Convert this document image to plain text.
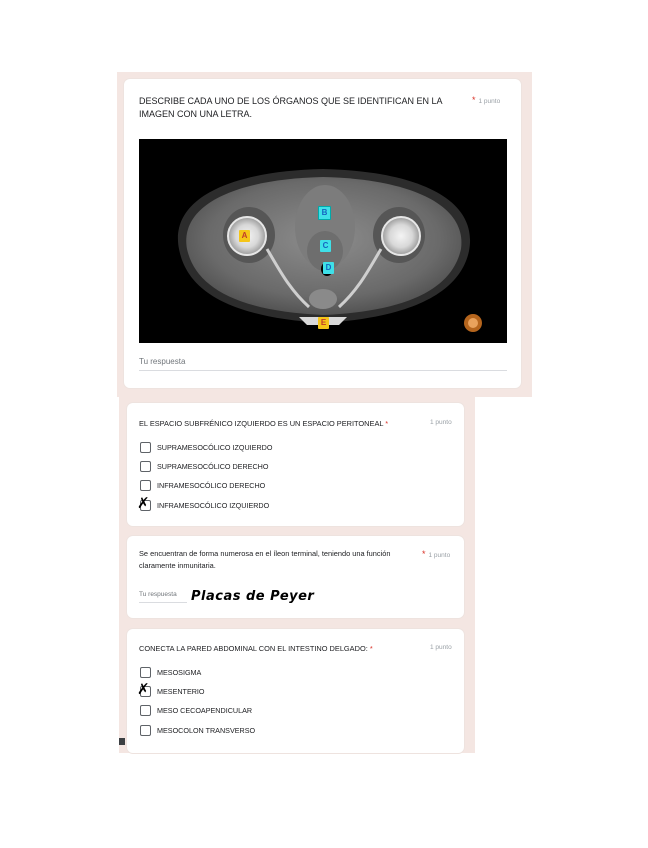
DESCRIBE CADA UNO DE LOS ÓRGANOS QUE SE IDENTIFICAN EN LA IMAGEN CON UNA LETRA.
* 1 punto
A
B
C
D
E
Tu respuesta
EL ESPACIO SUBFRÉNICO IZQUIERDO ES UN ESPACIO PERITONEAL *	1 punto
SUPRAMESOCÓLICO IZQUIERDO
SUPRAMESOCÓLICO DERECHO
INFRAMESOCÓLICO DERECHO
✗ INFRAMESOCÓLICO IZQUIERDO
Se encuentran de forma numerosa en el íleon terminal, teniendo una función claramente inmunitaria.
* 1 punto
Tu respuesta Placas de Peyer
CONECTA LA PARED ABDOMINAL CON EL INTESTINO DELGADO: *	1 punto
MESOSIGMA
✗ MESENTERIO
MESO CECOAPENDICULAR
MESOCOLON TRANSVERSO
